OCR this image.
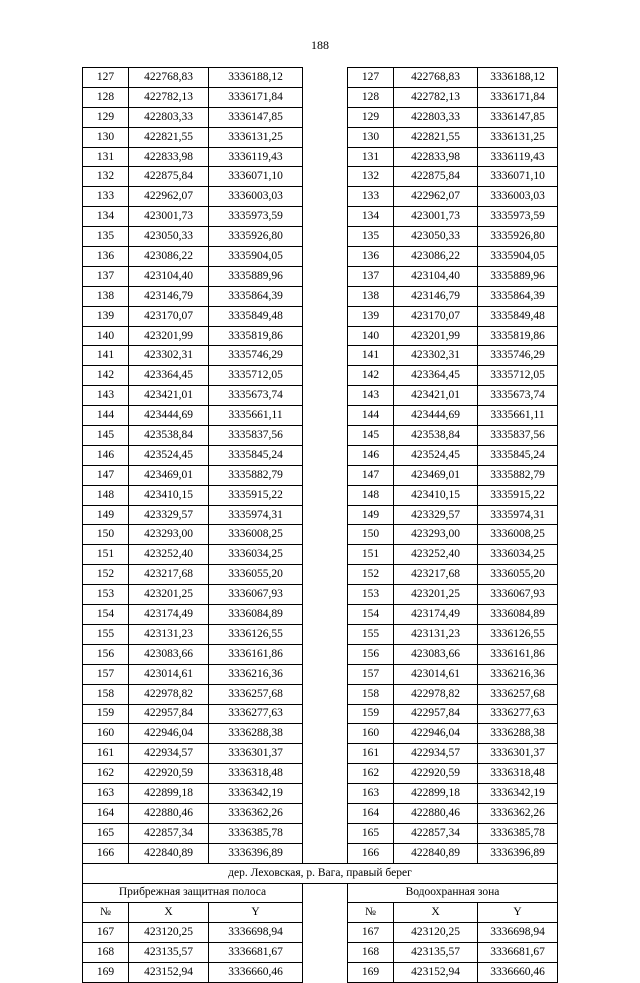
188
127	422768,83	3336188,12		127	422768,83	3336188,12
128	422782,13	3336171,84		128	422782,13	3336171,84
129	422803,33	3336147,85		129	422803,33	3336147,85
130	422821,55	3336131,25		130	422821,55	3336131,25
131	422833,98	3336119,43		131	422833,98	3336119,43
132	422875,84	3336071,10		132	422875,84	3336071,10
133	422962,07	3336003,03		133	422962,07	3336003,03
134	423001,73	3335973,59		134	423001,73	3335973,59
135	423050,33	3335926,80		135	423050,33	3335926,80
136	423086,22	3335904,05		136	423086,22	3335904,05
137	423104,40	3335889,96		137	423104,40	3335889,96
138	423146,79	3335864,39		138	423146,79	3335864,39
139	423170,07	3335849,48		139	423170,07	3335849,48
140	423201,99	3335819,86		140	423201,99	3335819,86
141	423302,31	3335746,29		141	423302,31	3335746,29
142	423364,45	3335712,05		142	423364,45	3335712,05
143	423421,01	3335673,74		143	423421,01	3335673,74
144	423444,69	3335661,11		144	423444,69	3335661,11
145	423538,84	3335837,56		145	423538,84	3335837,56
146	423524,45	3335845,24		146	423524,45	3335845,24
147	423469,01	3335882,79		147	423469,01	3335882,79
148	423410,15	3335915,22		148	423410,15	3335915,22
149	423329,57	3335974,31		149	423329,57	3335974,31
150	423293,00	3336008,25		150	423293,00	3336008,25
151	423252,40	3336034,25		151	423252,40	3336034,25
152	423217,68	3336055,20		152	423217,68	3336055,20
153	423201,25	3336067,93		153	423201,25	3336067,93
154	423174,49	3336084,89		154	423174,49	3336084,89
155	423131,23	3336126,55		155	423131,23	3336126,55
156	423083,66	3336161,86		156	423083,66	3336161,86
157	423014,61	3336216,36		157	423014,61	3336216,36
158	422978,82	3336257,68		158	422978,82	3336257,68
159	422957,84	3336277,63		159	422957,84	3336277,63
160	422946,04	3336288,38		160	422946,04	3336288,38
161	422934,57	3336301,37		161	422934,57	3336301,37
162	422920,59	3336318,48		162	422920,59	3336318,48
163	422899,18	3336342,19		163	422899,18	3336342,19
164	422880,46	3336362,26		164	422880,46	3336362,26
165	422857,34	3336385,78		165	422857,34	3336385,78
166	422840,89	3336396,89		166	422840,89	3336396,89
дер. Леховская, р. Вага, правый берег						
Прибрежная защитная полоса				Водоохранная зона		
№	X	Y		№	X	Y
167	423120,25	3336698,94		167	423120,25	3336698,94
168	423135,57	3336681,67		168	423135,57	3336681,67
169	423152,94	3336660,46		169	423152,94	3336660,46
